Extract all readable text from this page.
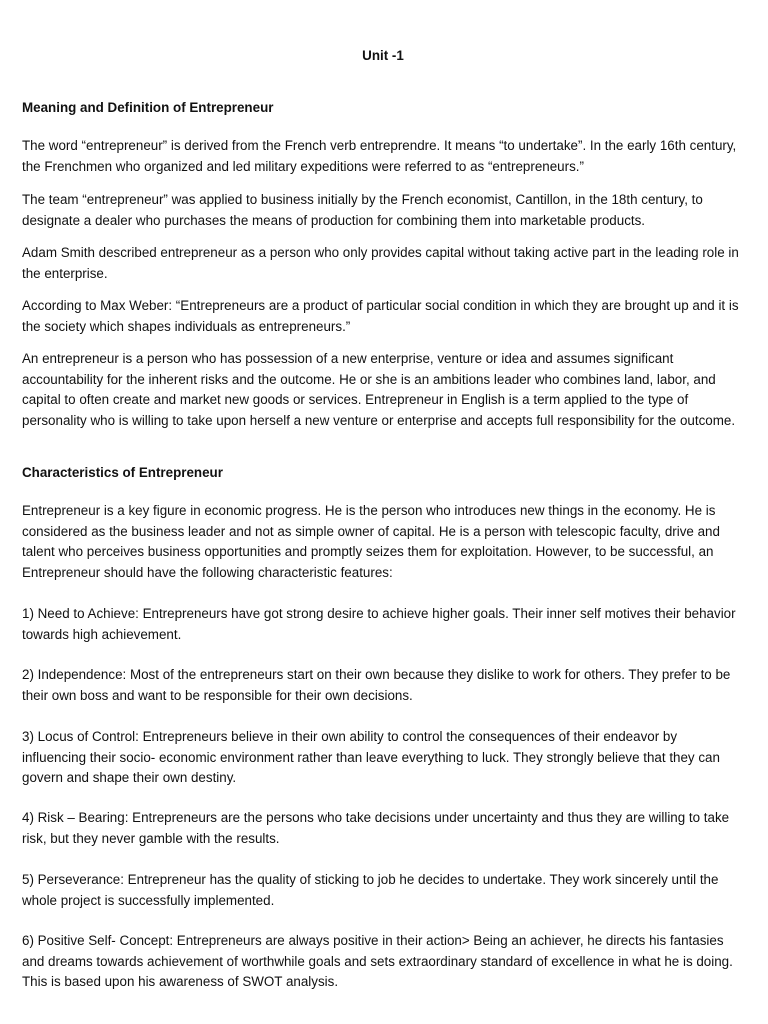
Unit -1
Meaning and Definition of Entrepreneur

The word “entrepreneur” is derived from the French verb entreprendre. It means “to undertake”. In the early 16th century, the Frenchmen who organized and led military expeditions were referred to as “entrepreneurs.”

The team “entrepreneur” was applied to business initially by the French economist, Cantillon, in the 18th century, to designate a dealer who purchases the means of production for combining them into marketable products.

Adam Smith described entrepreneur as a person who only provides capital without taking active part in the leading role in the enterprise.

According to Max Weber: “Entrepreneurs are a product of particular social condition in which they are brought up and it is the society which shapes individuals as entrepreneurs.”

An entrepreneur is a person who has possession of a new enterprise, venture or idea and assumes significant accountability for the inherent risks and the outcome. He or she is an ambitions leader who combines land, labor, and capital to often create and market new goods or services. Entrepreneur in English is a term applied to the type of personality who is willing to take upon herself a new venture or enterprise and accepts full responsibility for the outcome.

Characteristics of Entrepreneur

Entrepreneur is a key figure in economic progress. He is the person who introduces new things in the economy. He is considered as the business leader and not as simple owner of capital. He is a person with telescopic faculty, drive and talent who perceives business opportunities and promptly seizes them for exploitation. However, to be successful, an Entrepreneur should have the following characteristic features:

1) Need to Achieve: Entrepreneurs have got strong desire to achieve higher goals. Their inner self motives their behavior towards high achievement.

2) Independence: Most of the entrepreneurs start on their own because they dislike to work for others. They prefer to be their own boss and want to be responsible for their own decisions.

3) Locus of Control: Entrepreneurs believe in their own ability to control the consequences of their endeavor by influencing their socio- economic environment rather than leave everything to luck. They strongly believe that they can govern and shape their own destiny.

4) Risk – Bearing: Entrepreneurs are the persons who take decisions under uncertainty and thus they are willing to take risk, but they never gamble with the results.

5) Perseverance: Entrepreneur has the quality of sticking to job he decides to undertake. They work sincerely until the whole project is successfully implemented.

6) Positive Self- Concept: Entrepreneurs are always positive in their action> Being an achiever, he directs his fantasies and dreams towards achievement of worthwhile goals and sets extraordinary standard of excellence in what he is doing. This is based upon his awareness of SWOT analysis.
